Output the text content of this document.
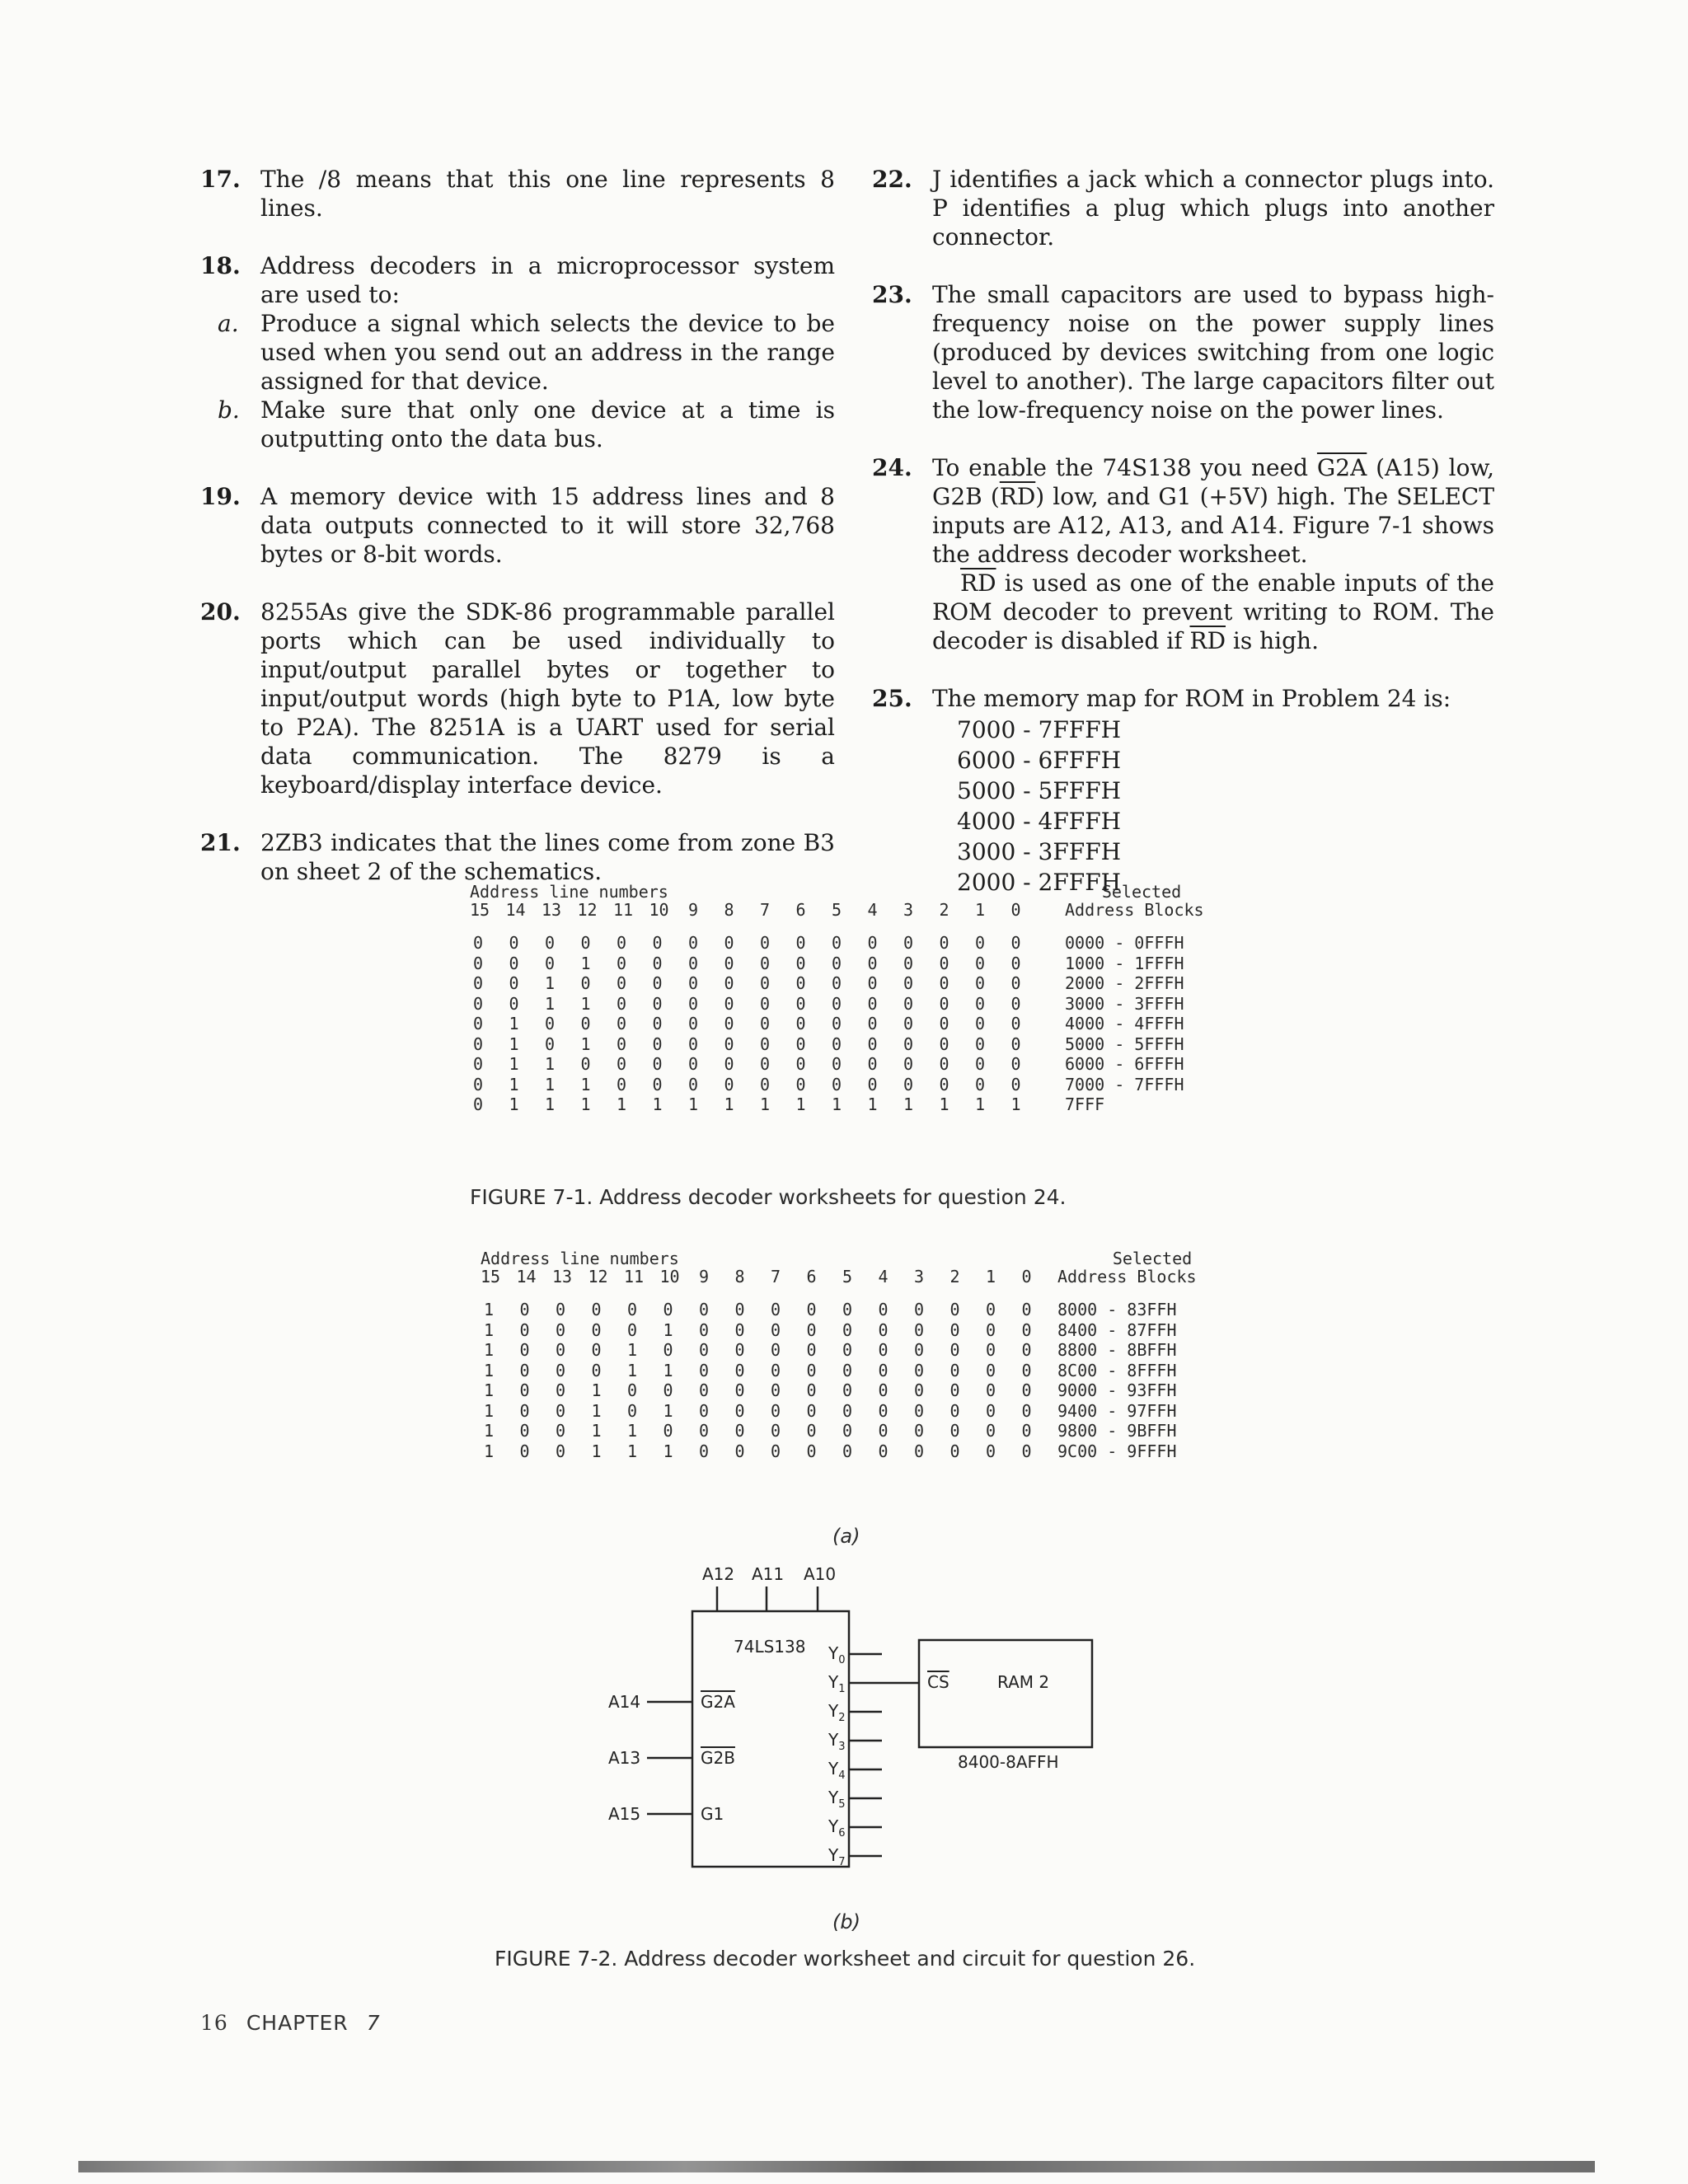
17. The /8 means that this one line represents 8 lines.
18. Address decoders in a microprocessor system are used to:
a. Produce a signal which selects the device to be used when you send out an address in the range assigned for that device.
b. Make sure that only one device at a time is outputting onto the data bus.
19. A memory device with 15 address lines and 8 data outputs connected to it will store 32,768 bytes or 8-bit words.
20. 8255As give the SDK-86 programmable parallel ports which can be used individually to input/output parallel bytes or together to input/output words (high byte to P1A, low byte to P2A). The 8251A is a UART used for serial data communication. The 8279 is a keyboard/display interface device.
21. 2ZB3 indicates that the lines come from zone B3 on sheet 2 of the schematics.
22. J identifies a jack which a connector plugs into. P identifies a plug which plugs into another connector.
23. The small capacitors are used to bypass high-frequency noise on the power supply lines (produced by devices switching from one logic level to another). The large capacitors filter out the low-frequency noise on the power lines.
24. To enable the 74S138 you need G2A (A15) low, G2B $(\overline{RD})$ low, and G1 (+5V) high. The SELECT inputs are A12, A13, and A14. Figure 7-1 shows the address decoder worksheet.
$\overline{RD}$ is used as one of the enable inputs of the ROM decoder to prevent writing to ROM. The decoder is disabled if $\overline{RD}$ is high.
25. The memory map for ROM in Problem 24 is:
7000 - 7FFFH
6000 - 6FFFH
5000 - 5FFFH
4000 - 4FFFH
3000 - 3FFFH
2000 - 2FFFH
Address line numbers	Selected
15 14 13 12 11 10 9 8 7 6 5 4 3 2 1 0	Address Blocks
0 0 0 0 0 0 0 0 0 0 0 0 0 0 0 0	0000 - 0FFFH
0 0 0 1 0 0 0 0 0 0 0 0 0 0 0 0	1000 - 1FFFH
0 0 1 0 0 0 0 0 0 0 0 0 0 0 0 0	2000 - 2FFFH
0 0 1 1 0 0 0 0 0 0 0 0 0 0 0 0	3000 - 3FFFH
0 1 0 0 0 0 0 0 0 0 0 0 0 0 0 0	4000 - 4FFFH
0 1 0 1 0 0 0 0 0 0 0 0 0 0 0 0	5000 - 5FFFH
0 1 1 0 0 0 0 0 0 0 0 0 0 0 0 0	6000 - 6FFFH
0 1 1 1 0 0 0 0 0 0 0 0 0 0 0 0	7000 - 7FFFH
0 1 1 1 1 1 1 1 1 1 1 1 1 1 1 1	7FFF
FIGURE 7-1. Address decoder worksheets for question 24.
Address line numbers	Selected
15 14 13 12 11 10 9 8 7 6 5 4 3 2 1 0 Address Blocks
1 0 0 0 0 0 0 0 0 0 0 0 0 0 0 0 8000 - 83FFH
1 0 0 0 0 1 0 0 0 0 0 0 0 0 0 0 8400 - 87FFH
1 0 0 0 1 0 0 0 0 0 0 0 0 0 0 0 8800 - 8BFFH
1 0 0 0 1 1 0 0 0 0 0 0 0 0 0 0 8C00 - 8FFFH
1 0 0 1 0 0 0 0 0 0 0 0 0 0 0 0 9000 - 93FFH
1 0 0 1 0 1 0 0 0 0 0 0 0 0 0 0 9400 - 97FFH
1 0 0 1 1 0 0 0 0 0 0 0 0 0 0 0 9800 - 9BFFH
1 0 0 1 1 1 0 0 0 0 0 0 0 0 0 0 9C00 - 9FFFH
(a)
A12 A11 A10
74LS138
A14
A13
A15
G2A
G2B
G1
$Y_0$
$Y_1$
$Y_2$
$Y_3$
$Y_4$
$Y_5$
$Y_6$
$Y_7$
CS	RAM 2
8400-8AFFH
(b)
FIGURE 7-2. Address decoder worksheet and circuit for question 26.
16 CHAPTER 7
